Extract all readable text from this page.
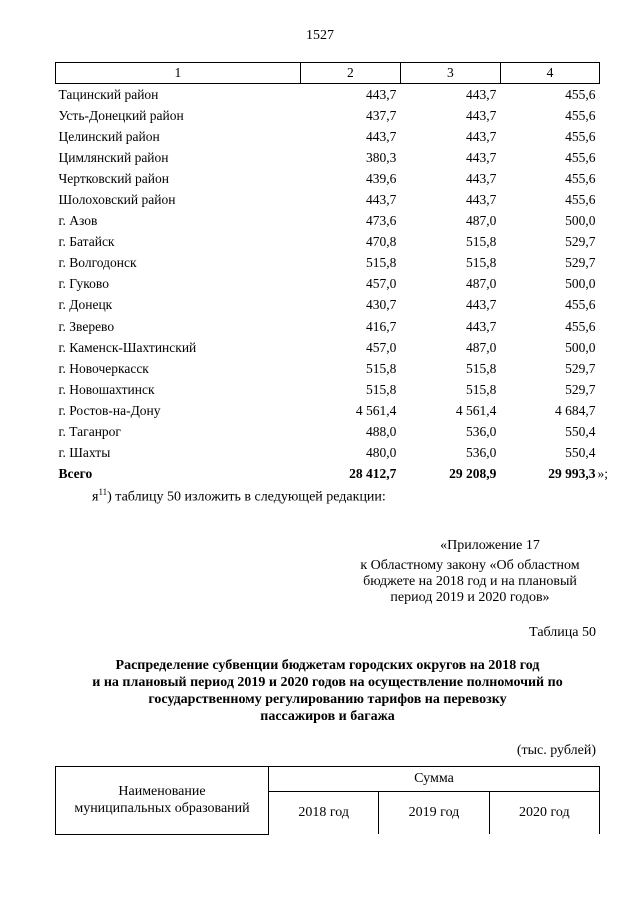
1527
1	2	3	4
Тацинский район	443,7	443,7	455,6
Усть-Донецкий район	437,7	443,7	455,6
Целинский район	443,7	443,7	455,6
Цимлянский район	380,3	443,7	455,6
Чертковский район	439,6	443,7	455,6
Шолоховский район	443,7	443,7	455,6
г. Азов	473,6	487,0	500,0
г. Батайск	470,8	515,8	529,7
г. Волгодонск	515,8	515,8	529,7
г. Гуково	457,0	487,0	500,0
г. Донецк	430,7	443,7	455,6
г. Зверево	416,7	443,7	455,6
г. Каменск-Шахтинский	457,0	487,0	500,0
г. Новочеркасск	515,8	515,8	529,7
г. Новошахтинск	515,8	515,8	529,7
г. Ростов-на-Дону	4 561,4	4 561,4	4 684,7
г. Таганрог	488,0	536,0	550,4
г. Шахты	480,0	536,0	550,4
Всего	28 412,7	29 208,9	29 993,3 »;
$я^{11}$) таблицу 50 изложить в следующей редакции:
«Приложение 17
к Областному закону «Об областном
бюджете на 2018 год и на плановый
период 2019 и 2020 годов»
Таблица 50
Распределение субвенции бюджетам городских округов на 2018 год
и на плановый период 2019 и 2020 годов на осуществление полномочий по
государственному регулированию тарифов на перевозку
пассажиров и багажа
(тыс. рублей)
Наименование
муниципальных образований	Сумма		
	2018 год	2019 год	2020 год
